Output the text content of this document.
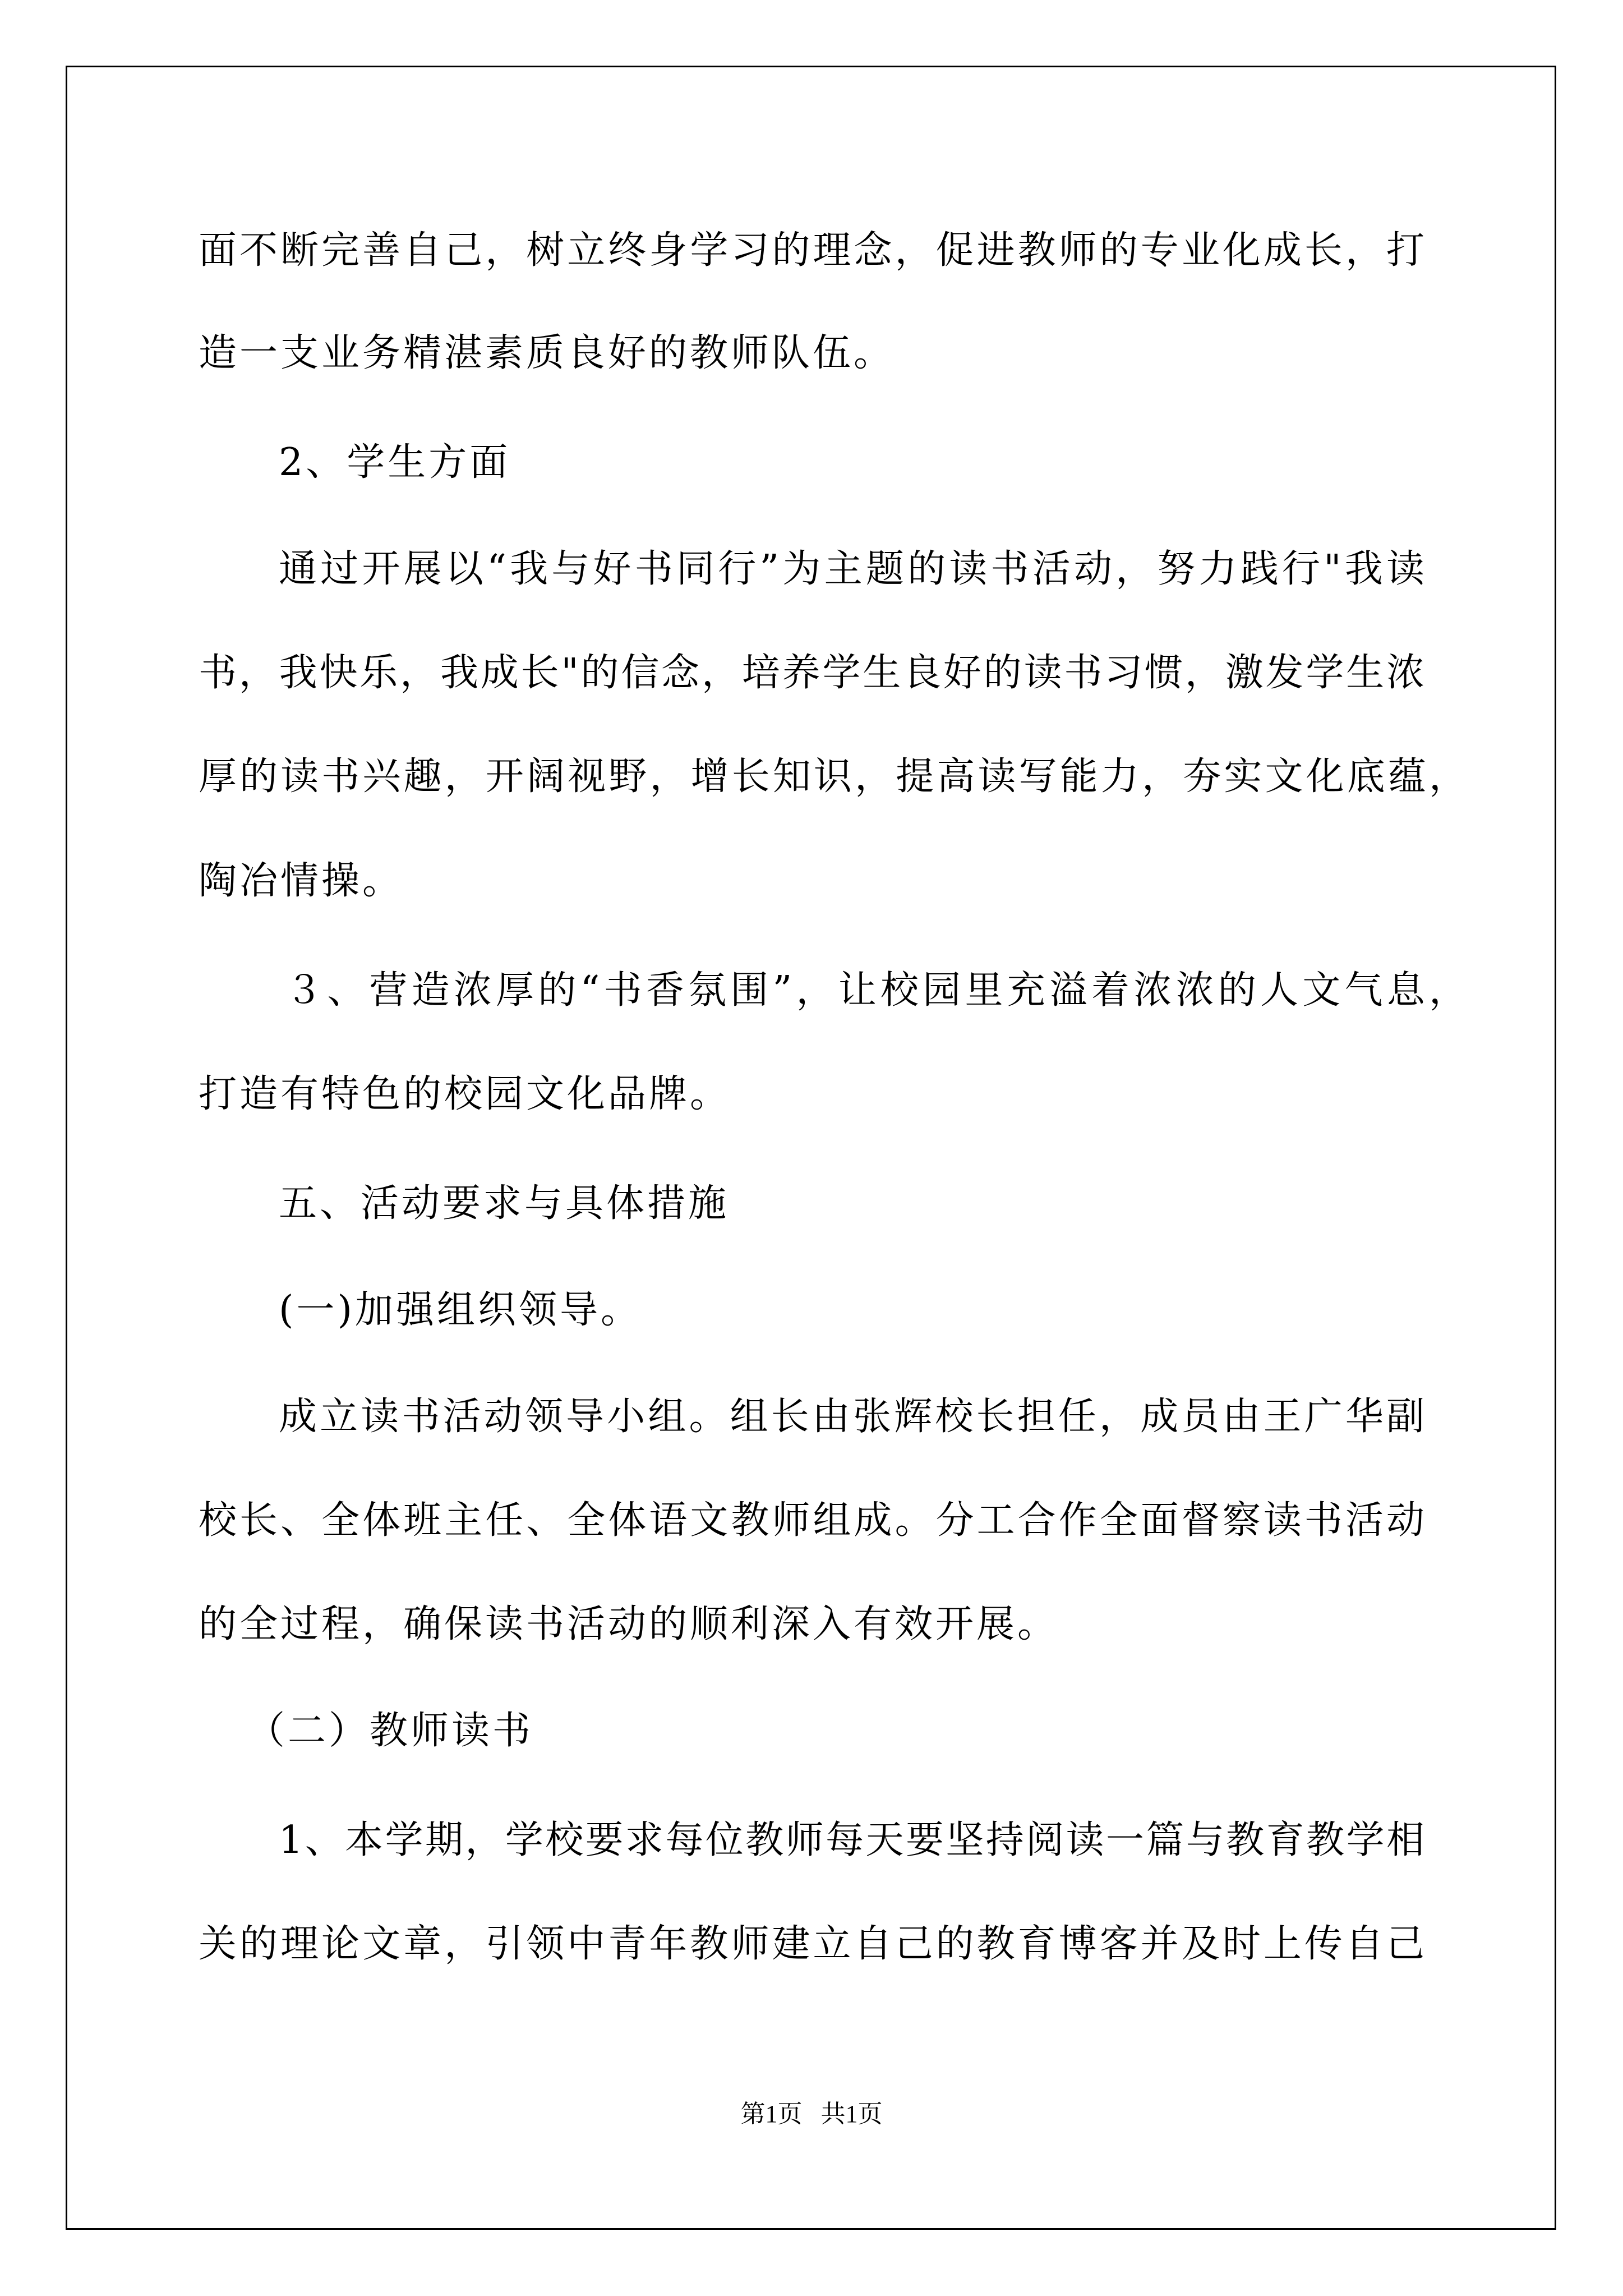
面不断完善自己，树立终身学习的理念，促进教师的专业化成长，打
造一支业务精湛素质良好的教师队伍。
2、学生方面
通过开展以“我与好书同行”为主题的读书活动，努力践行"我读
书，我快乐，我成长"的信念，培养学生良好的读书习惯，激发学生浓
厚的读书兴趣，开阔视野，增长知识，提高读写能力，夯实文化底蕴，
陶冶情操。
３、营造浓厚的“书香氛围”，让校园里充溢着浓浓的人文气息，
打造有特色的校园文化品牌。
五、活动要求与具体措施
(一)加强组织领导。
成立读书活动领导小组。组长由张辉校长担任，成员由王广华副
校长、全体班主任、全体语文教师组成。分工合作全面督察读书活动
的全过程，确保读书活动的顺利深入有效开展。
（二）教师读书
1、本学期，学校要求每位教师每天要坚持阅读一篇与教育教学相
关的理论文章，引领中青年教师建立自己的教育博客并及时上传自己
第1页   共1页
